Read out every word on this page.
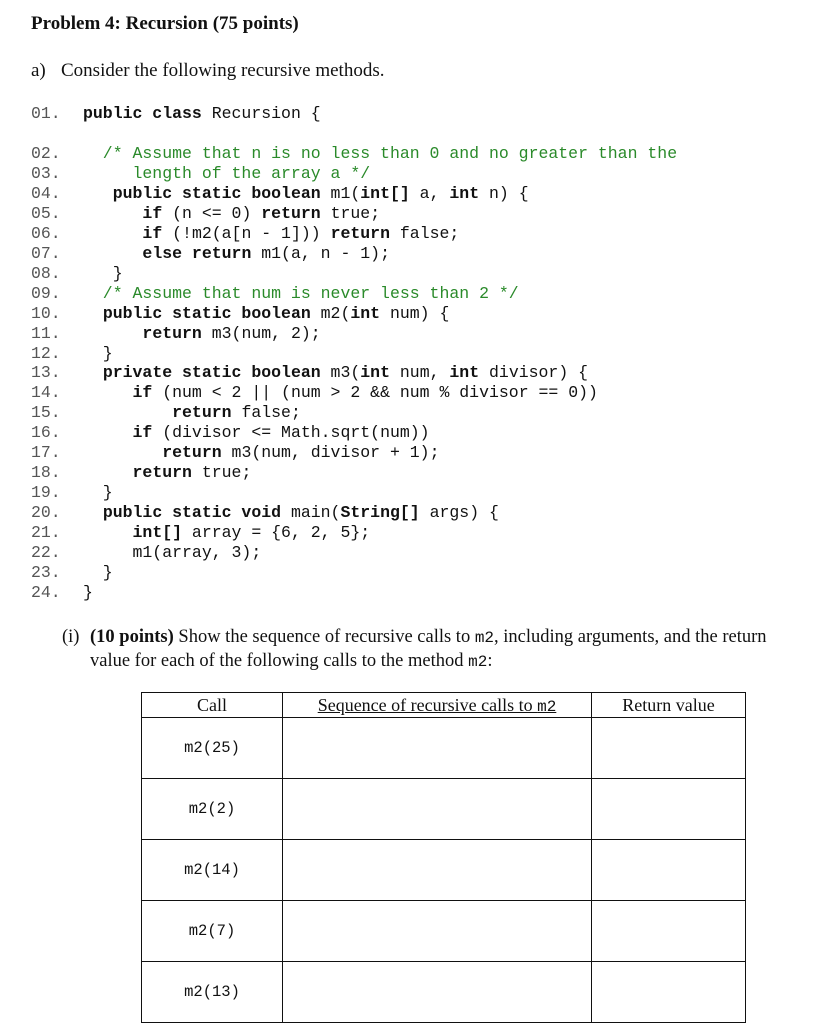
Problem 4: Recursion (75 points)
a) Consider the following recursive methods.
01. public class Recursion {
02.   /* Assume that n is no less than 0 and no greater than the
03.      length of the array a */
04.	public static boolean m1(int[] a, int n) {
05.	if (n <= 0) return true;
06.	if (!m2(a[n - 1])) return false;
07.	else return m1(a, n - 1);
08.    }
09.   /* Assume that num is never less than 2 */
10.   public static boolean m2(int num) {
11.	return m3(num, 2);
12.   }
13.   private static boolean m3(int num, int divisor) {
14.	if (num < 2 || (num > 2 && num % divisor == 0))
15.	return false;
16.	if (divisor <= Math.sqrt(num))
17.	return m3(num, divisor + 1);
18.	return true;
19.   }
20.   public static void main(String[] args) {
21.	int[] array = {6, 2, 5};
22.      m1(array, 3);
23.   }
24. }
(i) (10 points) Show the sequence of recursive calls to m2, including arguments, and the return value for each of the following calls to the method m2:
Call	Sequence of recursive calls to m2	Return value
m2(25)		
m2(2)		
m2(14)		
m2(7)		
m2(13)		
